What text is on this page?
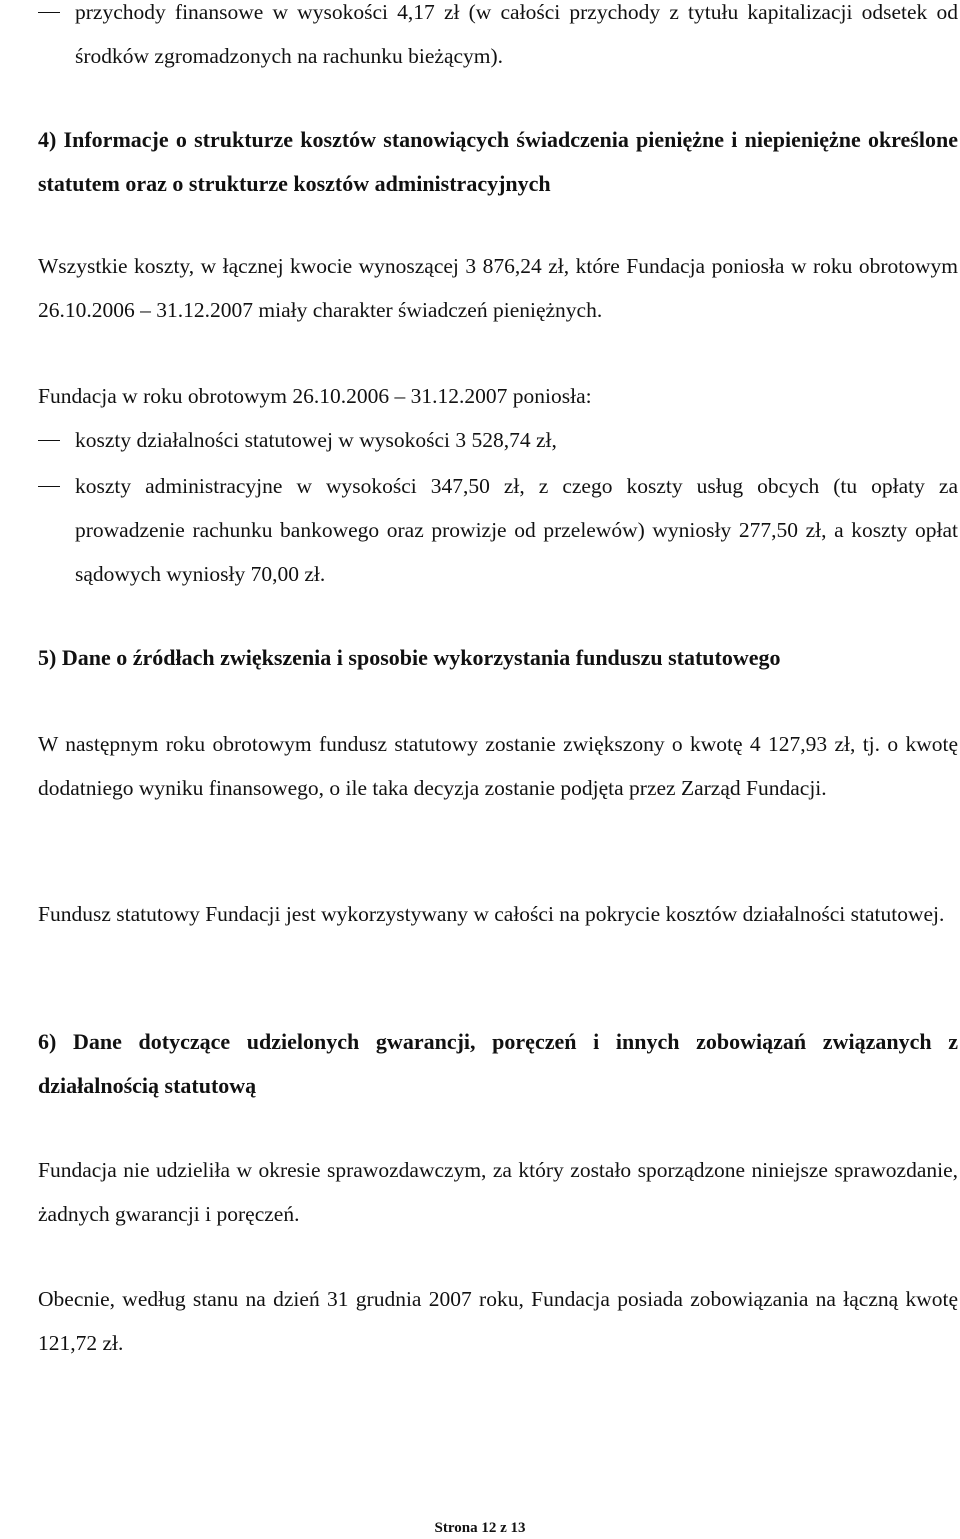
przychody finansowe w wysokości 4,17 zł (w całości przychody z tytułu kapitalizacji odsetek od środków zgromadzonych na rachunku bieżącym).

4) Informacje o strukturze kosztów stanowiących świadczenia pieniężne i niepieniężne określone statutem oraz o strukturze kosztów administracyjnych

Wszystkie koszty, w łącznej kwocie wynoszącej 3 876,24 zł, które Fundacja poniosła w roku obrotowym 26.10.2006 – 31.12.2007 miały charakter świadczeń pieniężnych.

Fundacja w roku obrotowym 26.10.2006 – 31.12.2007 poniosła:

koszty działalności statutowej w wysokości 3 528,74 zł,
koszty administracyjne w wysokości 347,50 zł, z czego koszty usług obcych (tu opłaty za prowadzenie rachunku bankowego oraz prowizje od przelewów) wyniosły 277,50 zł, a koszty opłat sądowych wyniosły 70,00 zł.

5) Dane o źródłach zwiększenia i sposobie wykorzystania funduszu statutowego

W następnym roku obrotowym fundusz statutowy zostanie zwiększony o kwotę 4 127,93 zł, tj. o kwotę dodatniego wyniku finansowego, o ile taka decyzja zostanie podjęta przez Zarząd Fundacji.

Fundusz statutowy Fundacji jest wykorzystywany w całości na pokrycie kosztów działalności statutowej.

6) Dane dotyczące udzielonych gwarancji, poręczeń i innych zobowiązań związanych z działalnością statutową

Fundacja nie udzieliła w okresie sprawozdawczym, za który zostało sporządzone niniejsze sprawozdanie, żadnych gwarancji i poręczeń.

Obecnie, według stanu na dzień 31 grudnia 2007 roku, Fundacja posiada zobowiązania na łączną kwotę 121,72 zł.

Strona 12 z 13
